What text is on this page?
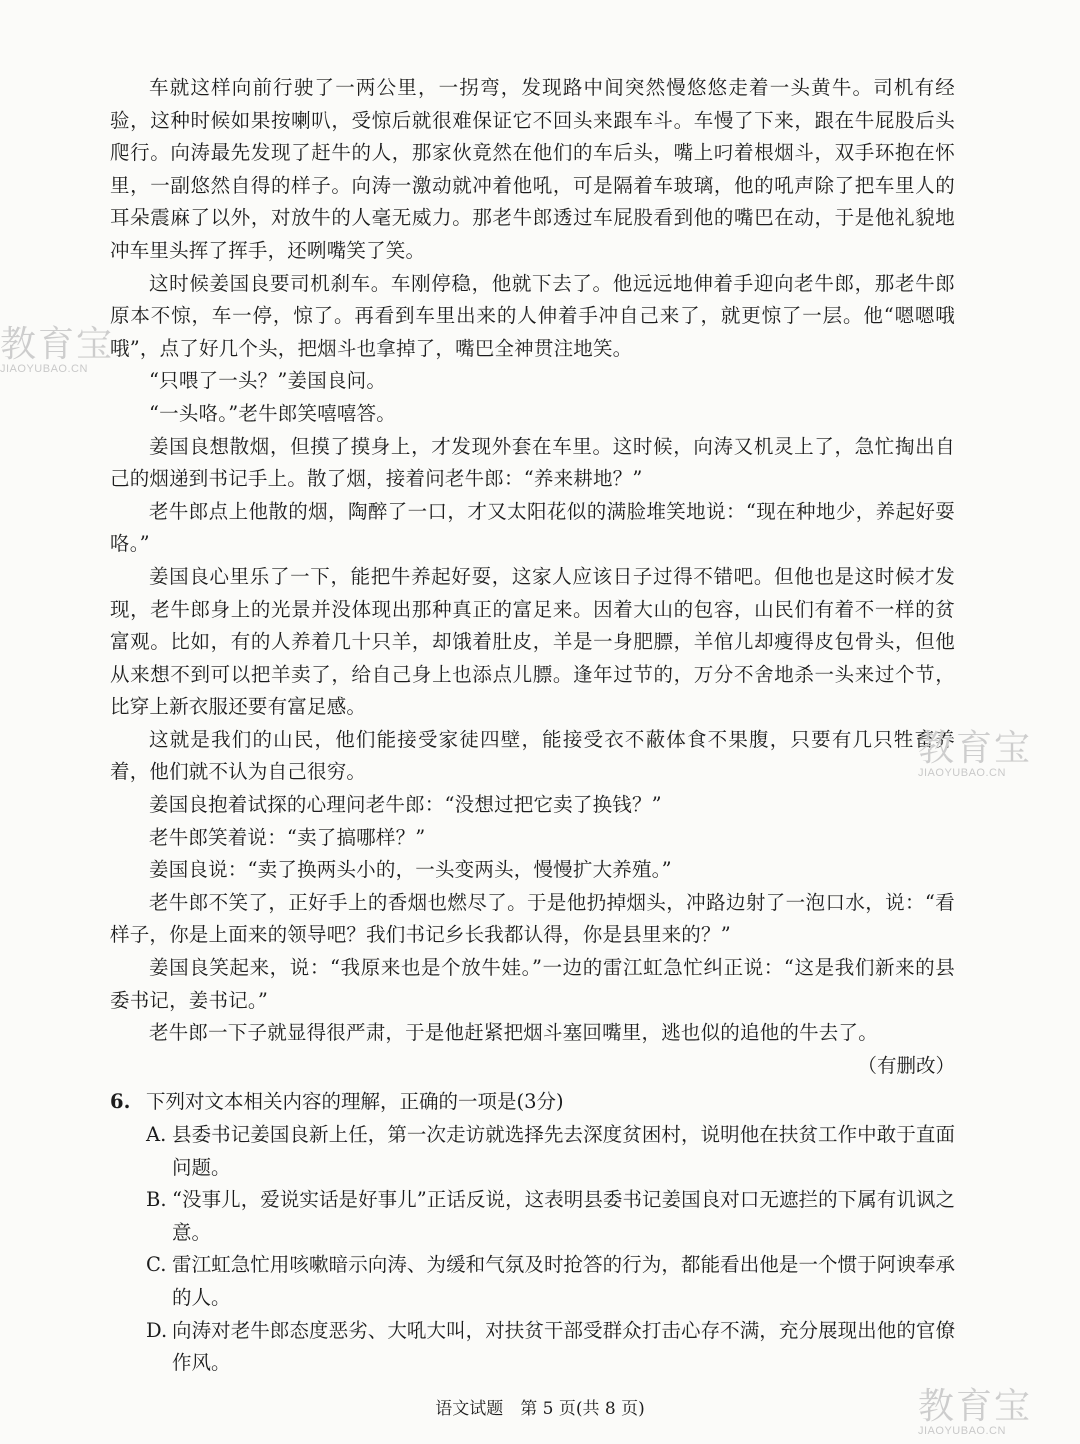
车就这样向前行驶了一两公里，一拐弯，发现路中间突然慢悠悠走着一头黄牛。司机有经验，这种时候如果按喇叭，受惊后就很难保证它不回头来跟车斗。车慢了下来，跟在牛屁股后头爬行。向涛最先发现了赶牛的人，那家伙竟然在他们的车后头，嘴上叼着根烟斗，双手环抱在怀里，一副悠然自得的样子。向涛一激动就冲着他吼，可是隔着车玻璃，他的吼声除了把车里人的耳朵震麻了以外，对放牛的人毫无威力。那老牛郎透过车屁股看到他的嘴巴在动，于是他礼貌地冲车里头挥了挥手，还咧嘴笑了笑。

这时候姜国良要司机刹车。车刚停稳，他就下去了。他远远地伸着手迎向老牛郎，那老牛郎原本不惊，车一停，惊了。再看到车里出来的人伸着手冲自己来了，就更惊了一层。他“嗯嗯哦哦”，点了好几个头，把烟斗也拿掉了，嘴巴全神贯注地笑。

“只喂了一头？”姜国良问。

“一头咯。”老牛郎笑嘻嘻答。

姜国良想散烟，但摸了摸身上，才发现外套在车里。这时候，向涛又机灵上了，急忙掏出自己的烟递到书记手上。散了烟，接着问老牛郎：“养来耕地？”

老牛郎点上他散的烟，陶醉了一口，才又太阳花似的满脸堆笑地说：“现在种地少，养起好耍咯。”

姜国良心里乐了一下，能把牛养起好耍，这家人应该日子过得不错吧。但他也是这时候才发现，老牛郎身上的光景并没体现出那种真正的富足来。因着大山的包容，山民们有着不一样的贫富观。比如，有的人养着几十只羊，却饿着肚皮，羊是一身肥膘，羊倌儿却瘦得皮包骨头，但他从来想不到可以把羊卖了，给自己身上也添点儿膘。逢年过节的，万分不舍地杀一头来过个节，比穿上新衣服还要有富足感。

这就是我们的山民，他们能接受家徒四壁，能接受衣不蔽体食不果腹，只要有几只牲畜养着，他们就不认为自己很穷。

姜国良抱着试探的心理问老牛郎：“没想过把它卖了换钱？”

老牛郎笑着说：“卖了搞哪样？”

姜国良说：“卖了换两头小的，一头变两头，慢慢扩大养殖。”

老牛郎不笑了，正好手上的香烟也燃尽了。于是他扔掉烟头，冲路边射了一泡口水，说：“看样子，你是上面来的领导吧？我们书记乡长我都认得，你是县里来的？”

姜国良笑起来，说：“我原来也是个放牛娃。”一边的雷江虹急忙纠正说：“这是我们新来的县委书记，姜书记。”

老牛郎一下子就显得很严肃，于是他赶紧把烟斗塞回嘴里，逃也似的追他的牛去了。

（有删改）

6. 下列对文本相关内容的理解，正确的一项是(3分)
A. 县委书记姜国良新上任，第一次走访就选择先去深度贫困村，说明他在扶贫工作中敢于直面问题。
B. “没事儿，爱说实话是好事儿”正话反说，这表明县委书记姜国良对口无遮拦的下属有讥讽之意。
C. 雷江虹急忙用咳嗽暗示向涛、为缓和气氛及时抢答的行为，都能看出他是一个惯于阿谀奉承的人。
D. 向涛对老牛郎态度恶劣、大吼大叫，对扶贫干部受群众打击心存不满，充分展现出他的官僚作风。
语文试题　第 5 页(共 8 页)
教育宝
JIAOYUBAO.CN
教育宝
JIAOYUBAO.CN
教育宝
JIAOYUBAO.CN
